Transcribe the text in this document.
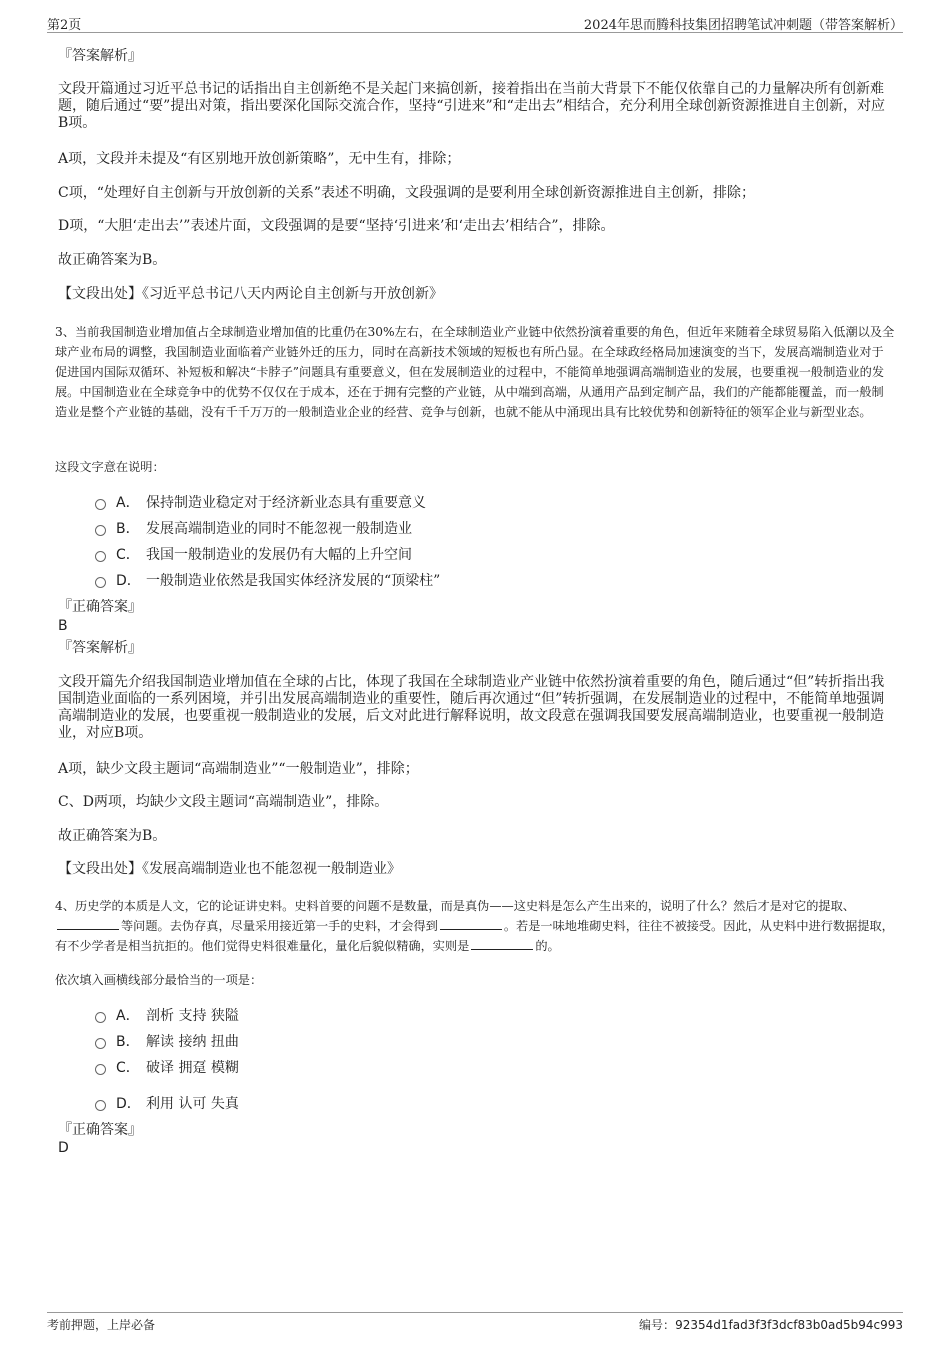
第2页	2024年思而腾科技集团招聘笔试冲刺题（带答案解析）
『答案解析』
文段开篇通过习近平总书记的话指出自主创新绝不是关起门来搞创新，接着指出在当前大背景下不能仅依靠自己的力量解决所有创新难题，随后通过“要”提出对策，指出要深化国际交流合作，坚持“引进来”和“走出去”相结合，充分利用全球创新资源推进自主创新，对应B项。
A项，文段并未提及“有区别地开放创新策略”，无中生有，排除；
C项，“处理好自主创新与开放创新的关系”表述不明确，文段强调的是要利用全球创新资源推进自主创新，排除；
D项，“大胆‘走出去’”表述片面，文段强调的是要“坚持‘引进来’和‘走出去’相结合”，排除。
故正确答案为B。
【文段出处】《习近平总书记八天内两论自主创新与开放创新》
3、当前我国制造业增加值占全球制造业增加值的比重仍在30%左右，在全球制造业产业链中依然扮演着重要的角色，但近年来随着全球贸易陷入低潮以及全球产业布局的调整，我国制造业面临着产业链外迁的压力，同时在高新技术领域的短板也有所凸显。在全球政经格局加速演变的当下，发展高端制造业对于促进国内国际双循环、补短板和解决“卡脖子”问题具有重要意义，但在发展制造业的过程中，不能简单地强调高端制造业的发展，也要重视一般制造业的发展。中国制造业在全球竞争中的优势不仅仅在于成本，还在于拥有完整的产业链，从中端到高端，从通用产品到定制产品，我们的产能都能覆盖，而一般制造业是整个产业链的基础，没有千千万万的一般制造业企业的经营、竞争与创新，也就不能从中涌现出具有比较优势和创新特征的领军企业与新型业态。
这段文字意在说明：
A． 保持制造业稳定对于经济新业态具有重要意义
B． 发展高端制造业的同时不能忽视一般制造业
C． 我国一般制造业的发展仍有大幅的上升空间
D． 一般制造业依然是我国实体经济发展的“顶梁柱”
『正确答案』
B
『答案解析』
文段开篇先介绍我国制造业增加值在全球的占比，体现了我国在全球制造业产业链中依然扮演着重要的角色，随后通过“但”转折指出我国制造业面临的一系列困境，并引出发展高端制造业的重要性，随后再次通过“但”转折强调，在发展制造业的过程中，不能简单地强调高端制造业的发展，也要重视一般制造业的发展，后文对此进行解释说明，故文段意在强调我国要发展高端制造业，也要重视一般制造业，对应B项。
A项，缺少文段主题词“高端制造业”“一般制造业”，排除；
C、D两项，均缺少文段主题词“高端制造业”，排除。
故正确答案为B。
【文段出处】《发展高端制造业也不能忽视一般制造业》
4、历史学的本质是人文，它的论证讲史料。史料首要的问题不是数量，而是真伪——这史料是怎么产生出来的，说明了什么？然后才是对它的提取、等问题。去伪存真，尽量采用接近第一手的史料，才会得到	。若是一味地堆砌史料，往往不被接受。因此，从史料中进行数据提取，有不少学者是相当抗拒的。他们觉得史料很难量化，量化后貌似精确，实则是	的。
依次填入画横线部分最恰当的一项是：
A． 剖析 支持 狭隘
B． 解读 接纳 扭曲
C． 破译 拥趸 模糊
D． 利用 认可 失真
『正确答案』
D
考前押题，上岸必备	编号：92354d1fad3f3f3dcf83b0ad5b94c993
